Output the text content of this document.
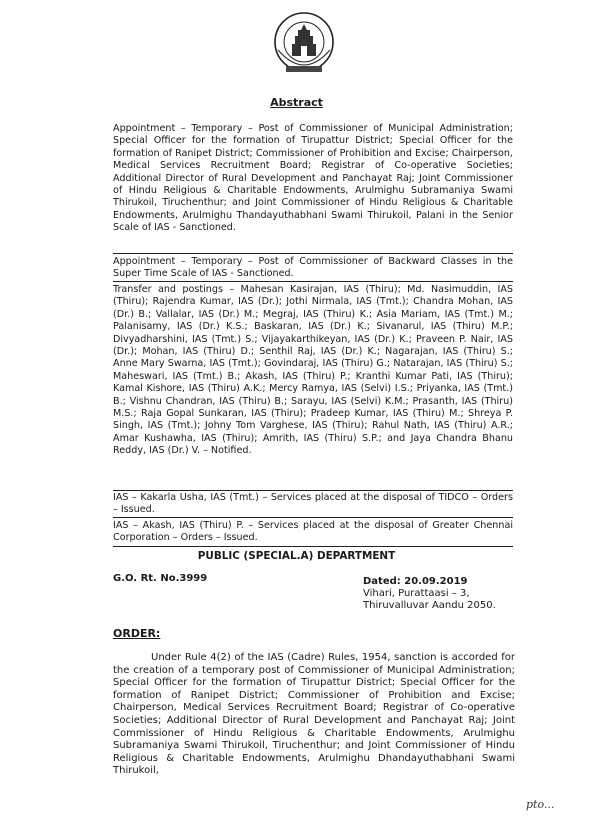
Abstract

Appointment – Temporary – Post of Commissioner of Municipal Administration; Special Officer for the formation of Tirupattur District; Special Officer for the formation of Ranipet District; Commissioner of Prohibition and Excise; Chairperson, Medical Services Recruitment Board; Registrar of Co-operative Societies; Additional Director of Rural Development and Panchayat Raj; Joint Commissioner of Hindu Religious & Charitable Endowments, Arulmighu Subramaniya Swami Thirukoil, Tiruchenthur; and Joint Commissioner of Hindu Religious & Charitable Endowments, Arulmighu Thandayuthabhani Swami Thirukoil, Palani in the Senior Scale of IAS - Sanctioned.

Appointment – Temporary – Post of Commissioner of Backward Classes in the Super Time Scale of IAS - Sanctioned.

Transfer and postings – Mahesan Kasirajan, IAS (Thiru); Md. Nasimuddin, IAS (Thiru); Rajendra Kumar, IAS (Dr.); Jothi Nirmala, IAS (Tmt.); Chandra Mohan, IAS (Dr.) B.; Vallalar, IAS (Dr.) M.; Megraj, IAS (Thiru) K.; Asia Mariam, IAS (Tmt.) M.; Palanisamy, IAS (Dr.) K.S.; Baskaran, IAS (Dr.) K.; Sivanarul, IAS (Thiru) M.P.; Divyadharshini, IAS (Tmt.) S.; Vijayakarthikeyan, IAS (Dr.) K.; Praveen P. Nair, IAS (Dr.); Mohan, IAS (Thiru) D.; Senthil Raj, IAS (Dr.) K.; Nagarajan, IAS (Thiru) S.; Anne Mary Swarna, IAS (Tmt.); Govindaraj, IAS (Thiru) G.; Natarajan, IAS (Thiru) S.; Maheswari, IAS (Tmt.) B.; Akash, IAS (Thiru) P.; Kranthi Kumar Pati, IAS (Thiru); Kamal Kishore, IAS (Thiru) A.K.; Mercy Ramya, IAS (Selvi) I.S.; Priyanka, IAS (Tmt.) B.; Vishnu Chandran, IAS (Thiru) B.; Sarayu, IAS (Selvi) K.M.; Prasanth, IAS (Thiru) M.S.; Raja Gopal Sunkaran, IAS (Thiru); Pradeep Kumar, IAS (Thiru) M.; Shreya P. Singh, IAS (Tmt.); Johny Tom Varghese, IAS (Thiru); Rahul Nath, IAS (Thiru) A.R.; Amar Kushawha, IAS (Thiru); Amrith, IAS (Thiru) S.P.; and Jaya Chandra Bhanu Reddy, IAS (Dr.) V. – Notified.

IAS – Kakarla Usha, IAS (Tmt.) – Services placed at the disposal of TIDCO – Orders – Issued.

IAS – Akash, IAS (Thiru) P. – Services placed at the disposal of Greater Chennai Corporation – Orders – Issued.

PUBLIC (SPECIAL.A) DEPARTMENT
G.O. Rt. No.3999	Dated: 20.09.2019
Vihari, Purattaasi – 3,
Thiruvalluvar Aandu 2050.
ORDER:

Under Rule 4(2) of the IAS (Cadre) Rules, 1954, sanction is accorded for the creation of a temporary post of Commissioner of Municipal Administration; Special Officer for the formation of Tirupattur District; Special Officer for the formation of Ranipet District; Commissioner of Prohibition and Excise; Chairperson, Medical Services Recruitment Board; Registrar of Co-operative Societies; Additional Director of Rural Development and Panchayat Raj; Joint Commissioner of Hindu Religious & Charitable Endowments, Arulmighu Subramaniya Swami Thirukoil, Tiruchenthur; and Joint Commissioner of Hindu Religious & Charitable Endowments, Arulmighu Dhandayuthabhani Swami Thirukoil,

pto...
